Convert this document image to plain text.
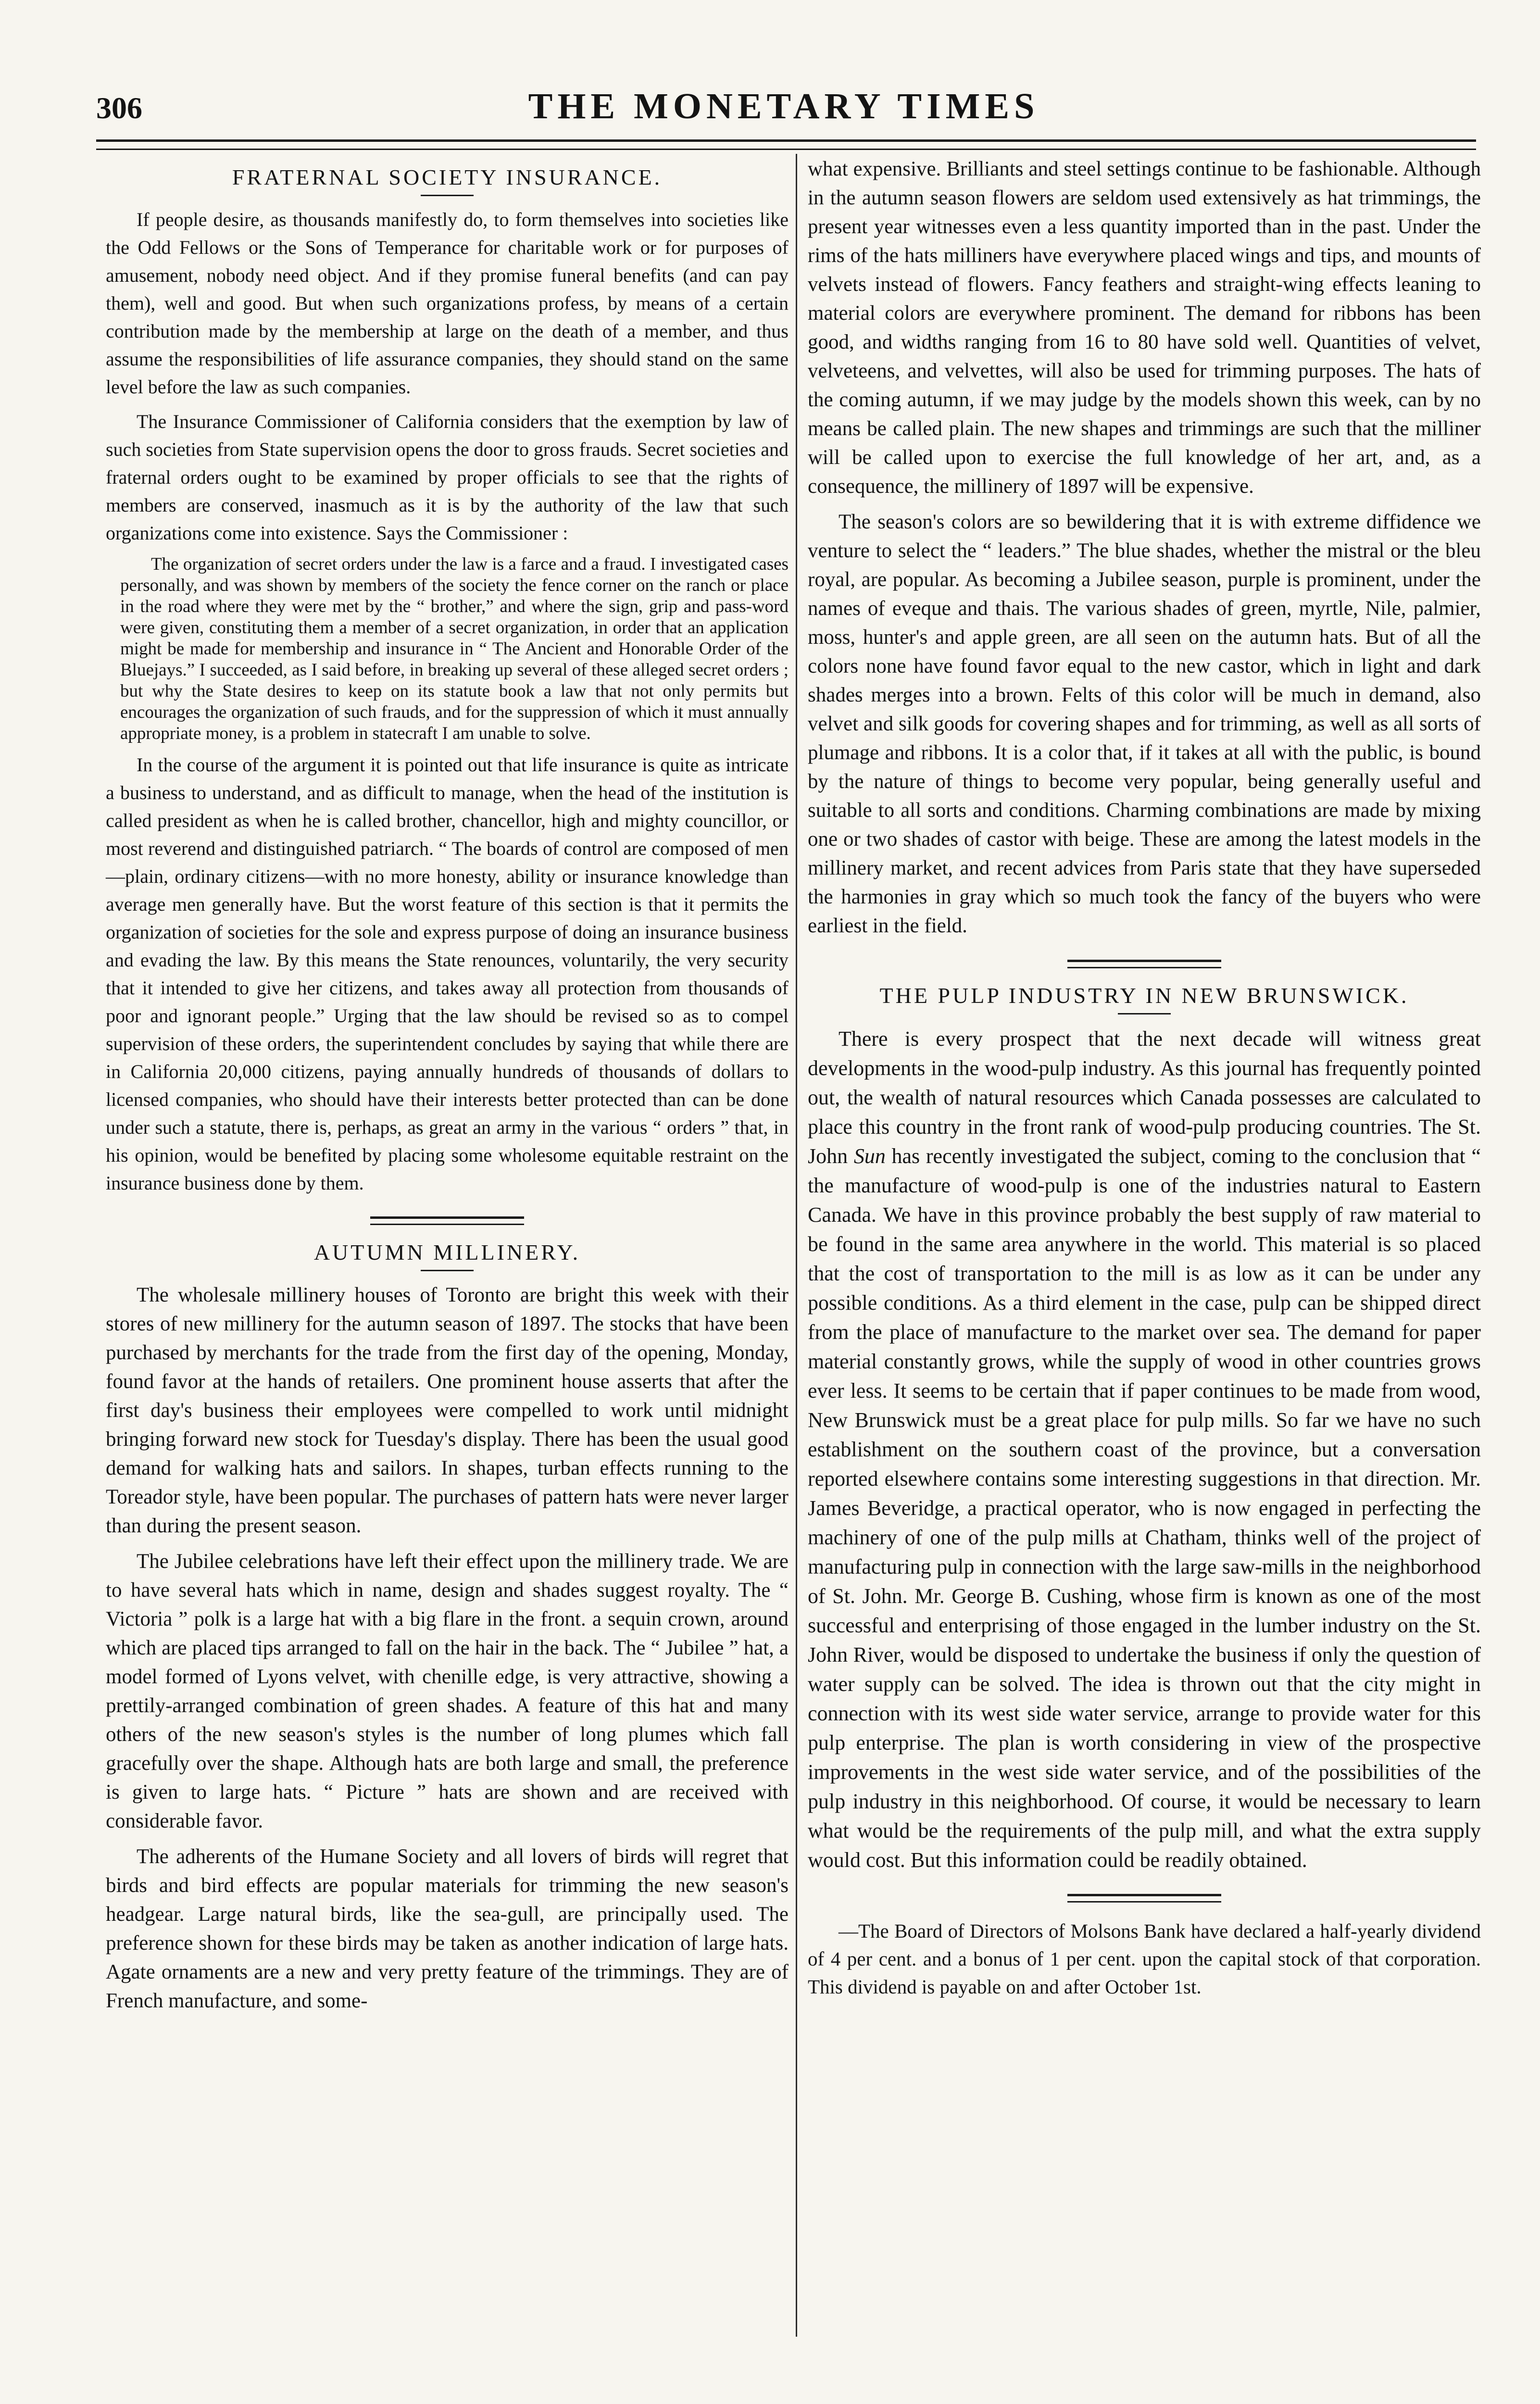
306	THE MONETARY TIMES
FRATERNAL SOCIETY INSURANCE.

If people desire, as thousands manifestly do, to form themselves into societies like the Odd Fellows or the Sons of Temperance for charitable work or for purposes of amusement, nobody need object. And if they promise funeral benefits (and can pay them), well and good. But when such organizations profess, by means of a certain contribution made by the membership at large on the death of a member, and thus assume the responsibilities of life assurance companies, they should stand on the same level before the law as such companies.

The Insurance Commissioner of California considers that the exemption by law of such societies from State supervision opens the door to gross frauds. Secret societies and fraternal orders ought to be examined by proper officials to see that the rights of members are conserved, inasmuch as it is by the authority of the law that such organizations come into existence. Says the Commissioner :

The organization of secret orders under the law is a farce and a fraud. I investigated cases personally, and was shown by members of the society the fence corner on the ranch or place in the road where they were met by the “ brother,” and where the sign, grip and pass-word were given, constituting them a member of a secret organization, in order that an application might be made for membership and insurance in “ The Ancient and Honorable Order of the Bluejays.” I succeeded, as I said before, in breaking up several of these alleged secret orders ; but why the State desires to keep on its statute book a law that not only permits but encourages the organization of such frauds, and for the suppression of which it must annually appropriate money, is a problem in statecraft I am unable to solve.

In the course of the argument it is pointed out that life insurance is quite as intricate a business to understand, and as difficult to manage, when the head of the institution is called president as when he is called brother, chancellor, high and mighty councillor, or most reverend and distinguished patriarch. “ The boards of control are composed of men—plain, ordinary citizens—with no more honesty, ability or insurance knowledge than average men generally have. But the worst feature of this section is that it permits the organization of societies for the sole and express purpose of doing an insurance business and evading the law. By this means the State renounces, voluntarily, the very security that it intended to give her citizens, and takes away all protection from thousands of poor and ignorant people.” Urging that the law should be revised so as to compel supervision of these orders, the superintendent concludes by saying that while there are in California 20,000 citizens, paying annually hundreds of thousands of dollars to licensed companies, who should have their interests better protected than can be done under such a statute, there is, perhaps, as great an army in the various “ orders ” that, in his opinion, would be benefited by placing some wholesome equitable restraint on the insurance business done by them.

AUTUMN MILLINERY.

The wholesale millinery houses of Toronto are bright this week with their stores of new millinery for the autumn season of 1897. The stocks that have been purchased by merchants for the trade from the first day of the opening, Monday, found favor at the hands of retailers. One prominent house asserts that after the first day's business their employees were compelled to work until midnight bringing forward new stock for Tuesday's display. There has been the usual good demand for walking hats and sailors. In shapes, turban effects running to the Toreador style, have been popular. The purchases of pattern hats were never larger than during the present season.

The Jubilee celebrations have left their effect upon the millinery trade. We are to have several hats which in name, design and shades suggest royalty. The “ Victoria ” polk is a large hat with a big flare in the front. a sequin crown, around which are placed tips arranged to fall on the hair in the back. The “ Jubilee ” hat, a model formed of Lyons velvet, with chenille edge, is very attractive, showing a prettily-arranged combination of green shades. A feature of this hat and many others of the new season's styles is the number of long plumes which fall gracefully over the shape. Although hats are both large and small, the preference is given to large hats. “ Picture ” hats are shown and are received with considerable favor.

The adherents of the Humane Society and all lovers of birds will regret that birds and bird effects are popular materials for trimming the new season's headgear. Large natural birds, like the sea-gull, are principally used. The preference shown for these birds may be taken as another indication of large hats. Agate ornaments are a new and very pretty feature of the trimmings. They are of French manufacture, and some-

what expensive. Brilliants and steel settings continue to be fashionable. Although in the autumn season flowers are seldom used extensively as hat trimmings, the present year witnesses even a less quantity imported than in the past. Under the rims of the hats milliners have everywhere placed wings and tips, and mounts of velvets instead of flowers. Fancy feathers and straight-wing effects leaning to material colors are everywhere prominent. The demand for ribbons has been good, and widths ranging from 16 to 80 have sold well. Quantities of velvet, velveteens, and velvettes, will also be used for trimming purposes. The hats of the coming autumn, if we may judge by the models shown this week, can by no means be called plain. The new shapes and trimmings are such that the milliner will be called upon to exercise the full knowledge of her art, and, as a consequence, the millinery of 1897 will be expensive.

The season's colors are so bewildering that it is with extreme diffidence we venture to select the “ leaders.” The blue shades, whether the mistral or the bleu royal, are popular. As becoming a Jubilee season, purple is prominent, under the names of eveque and thais. The various shades of green, myrtle, Nile, palmier, moss, hunter's and apple green, are all seen on the autumn hats. But of all the colors none have found favor equal to the new castor, which in light and dark shades merges into a brown. Felts of this color will be much in demand, also velvet and silk goods for covering shapes and for trimming, as well as all sorts of plumage and ribbons. It is a color that, if it takes at all with the public, is bound by the nature of things to become very popular, being generally useful and suitable to all sorts and conditions. Charming combinations are made by mixing one or two shades of castor with beige. These are among the latest models in the millinery market, and recent advices from Paris state that they have superseded the harmonies in gray which so much took the fancy of the buyers who were earliest in the field.

THE PULP INDUSTRY IN NEW BRUNSWICK.

There is every prospect that the next decade will witness great developments in the wood-pulp industry. As this journal has frequently pointed out, the wealth of natural resources which Canada possesses are calculated to place this country in the front rank of wood-pulp producing countries. The St. John Sun has recently investigated the subject, coming to the conclusion that “ the manufacture of wood-pulp is one of the industries natural to Eastern Canada. We have in this province probably the best supply of raw material to be found in the same area anywhere in the world. This material is so placed that the cost of transportation to the mill is as low as it can be under any possible conditions. As a third element in the case, pulp can be shipped direct from the place of manufacture to the market over sea. The demand for paper material constantly grows, while the supply of wood in other countries grows ever less. It seems to be certain that if paper continues to be made from wood, New Brunswick must be a great place for pulp mills. So far we have no such establishment on the southern coast of the province, but a conversation reported elsewhere contains some interesting suggestions in that direction. Mr. James Beveridge, a practical operator, who is now engaged in perfecting the machinery of one of the pulp mills at Chatham, thinks well of the project of manufacturing pulp in connection with the large saw-mills in the neighborhood of St. John. Mr. George B. Cushing, whose firm is known as one of the most successful and enterprising of those engaged in the lumber industry on the St. John River, would be disposed to undertake the business if only the question of water supply can be solved. The idea is thrown out that the city might in connection with its west side water service, arrange to provide water for this pulp enterprise. The plan is worth considering in view of the prospective improvements in the west side water service, and of the possibilities of the pulp industry in this neighborhood. Of course, it would be necessary to learn what would be the requirements of the pulp mill, and what the extra supply would cost. But this information could be readily obtained.

—The Board of Directors of Molsons Bank have declared a half-yearly dividend of 4 per cent. and a bonus of 1 per cent. upon the capital stock of that corporation. This dividend is payable on and after October 1st.
